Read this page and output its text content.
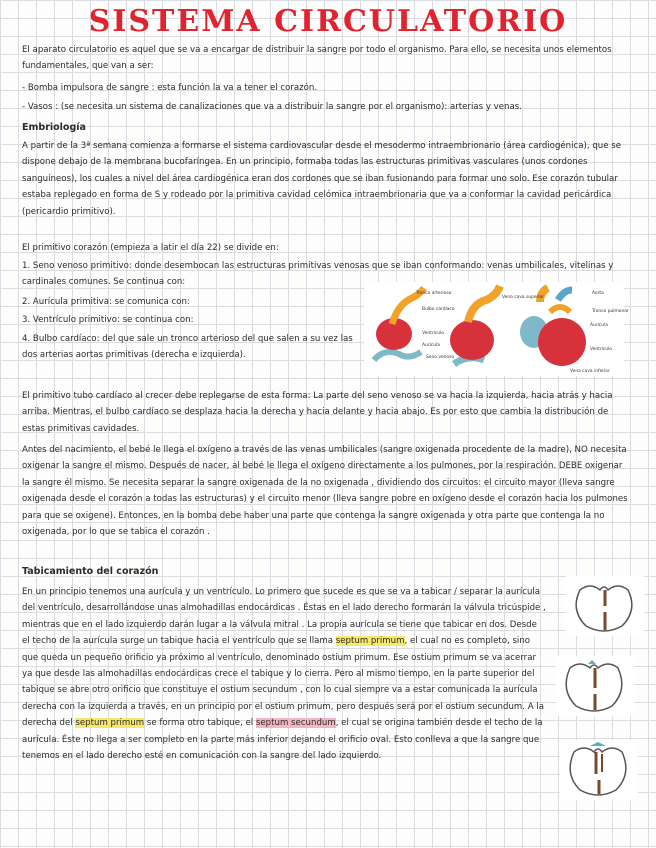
SISTEMA CIRCULATORIO

El aparato circulatorio es aquel que se va a encargar de distribuir la sangre por todo el organismo. Para ello, se necesita unos elementos fundamentales, que van a ser:

- Bomba impulsora de sangre : esta función la va a tener el corazón.

- Vasos : (se necesita un sistema de canalizaciones que va a distribuir la sangre por el organismo): arterias y venas.

Embriología

A partir de la 3ª semana comienza a formarse el sistema cardiovascular desde el mesodermo intraembrionario (área cardiogénica), que se dispone debajo de la membrana bucofaríngea. En un principio, formaba todas las estructuras primitivas vasculares (unos cordones sanguíneos), los cuales a nivel del área cardiogénica eran dos cordones que se iban fusionando para formar uno solo. Ese corazón tubular estaba replegado en forma de S y rodeado por la primitiva cavidad celómica intraembrionaria que va a conformar la cavidad pericárdica (pericardio primitivo).

El primitivo corazón (empieza a latir el día 22) se divide en:

1. Seno venoso primitivo: donde desembocan las estructuras primitivas venosas que se iban conformando: venas umbilicales, vitelinas y cardinales comunes. Se continua con:

2. Aurícula primitiva: se comunica con:

3. Ventrículo primitivo: se continua con:

4. Bulbo cardíaco: del que sale un tronco arterioso del que salen a su vez las dos arterias aortas primitivas (derecha e izquierda).

Tronco arterioso
Bulbo cardíaco
Ventrículo
Aurícula
Seno venoso
Vena cava superior
Aorta
Tronco pulmonar
Aurícula
Ventrículo
Vena cava inferior

El primitivo tubo cardíaco al crecer debe replegarse de esta forma: La parte del seno venoso se va hacia la izquierda, hacia atrás y hacia arriba. Mientras, el bulbo cardíaco se desplaza hacia la derecha y hacia delante y hacia abajo. Es por esto que cambia la distribución de estas primitivas cavidades.

Antes del nacimiento, el bebé le llega el oxígeno a través de las venas umbilicales (sangre oxigenada procedente de la madre), NO necesita oxigenar la sangre el mismo. Después de nacer, al bebé le llega el oxígeno directamente a los pulmones, por la respiración. DEBE oxigenar la sangre él mismo. Se necesita separar la sangre oxigenada de la no oxigenada , dividiendo dos circuitos: el circuito mayor (lleva sangre oxigenada desde el corazón a todas las estructuras) y el circuito menor (lleva sangre pobre en oxígeno desde el corazón hacia los pulmones para que se oxigene). Entonces, en la bomba debe haber una parte que contenga la sangre oxigenada y otra parte que contenga la no oxigenada, por lo que se tabica el corazón .

Tabicamiento del corazón

En un principio tenemos una aurícula y un ventrículo. Lo primero que sucede es que se va a tabicar / separar la aurícula del ventrículo, desarrollándose unas almohadillas endocárdicas . Éstas en el lado derecho formarán la válvula tricúspide , mientras que en el lado izquierdo darán lugar a la válvula mitral . La propia aurícula se tiene que tabicar en dos. Desde el techo de la aurícula surge un tabique hacia el ventrículo que se llama septum primum, el cual no es completo, sino que queda un pequeño orificio ya próximo al ventrículo, denominado ostium primum. Ese ostium primum se va acerrar ya que desde las almohadillas endocárdicas crece el tabique y lo cierra. Pero al mismo tiempo, en la parte superior del tabique se abre otro orificio que constituye el ostium secundum , con lo cual siempre va a estar comunicada la aurícula derecha con la izquierda a través, en un principio por el ostium primum, pero después será por el ostium secundum. A la derecha del septum primum se forma otro tabique, el septum secundum, el cual se origina también desde el techo de la aurícula. Éste no llega a ser completo en la parte más inferior dejando el orificio oval. Esto conlleva a que la sangre que tenemos en el lado derecho esté en comunicación con la sangre del lado izquierdo.
